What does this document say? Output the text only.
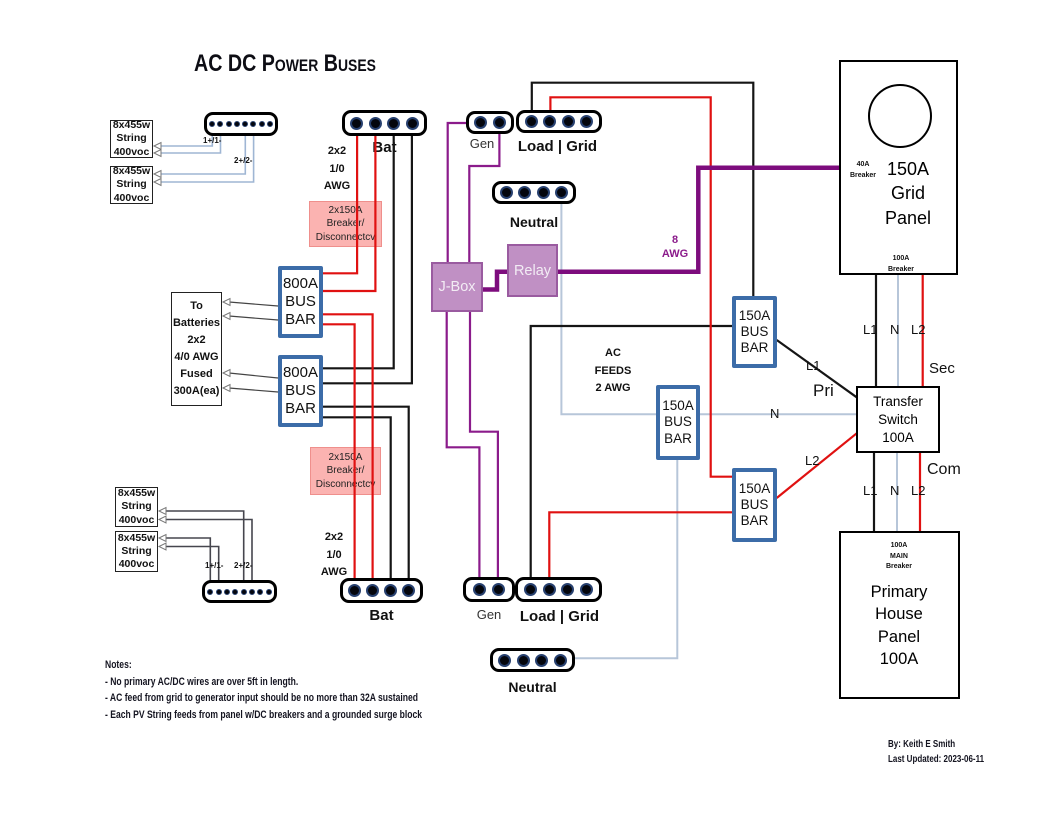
2x150A
Breaker/
Disconnectcv
2x150A
Breaker/
Disconnectcv
Bat
AC DC Power Buses
8x455w
String
400voc
8x455w
String
400voc
8x455w
String
400voc
8x455w
String
400voc
To
Batteries
2x2
4/0 AWG
Fused
300A(ea)
800A
BUS
BAR
800A
BUS
BAR
150A
BUS
BAR
150A
BUS
BAR
150A
BUS
BAR
J-Box
Relay
Gen	Load | Grid
Neutral
Bat	Gen	Load | Grid
Neutral
1+/1-
2+/2-
1+/1-	2+/2-
2x2
1/0
AWG
2x2
1/0
AWG
8
AWG
AC
FEEDS
2 AWG
40A
Breaker 150A
Grid
Panel
100A
Breaker
Transfer
Switch
100A
100A
MAIN
Breaker
Primary
House
Panel
100A
L1 N L2
Sec
L1
Pri
N
L2
Com
L1 N L2
Notes:
- No primary AC/DC wires are over 5ft in length.
- AC feed from grid to generator input should be no more than 32A sustained
- Each PV String feeds from panel w/DC breakers and a grounded surge block
By: Keith E Smith
Last Updated: 2023-06-11
